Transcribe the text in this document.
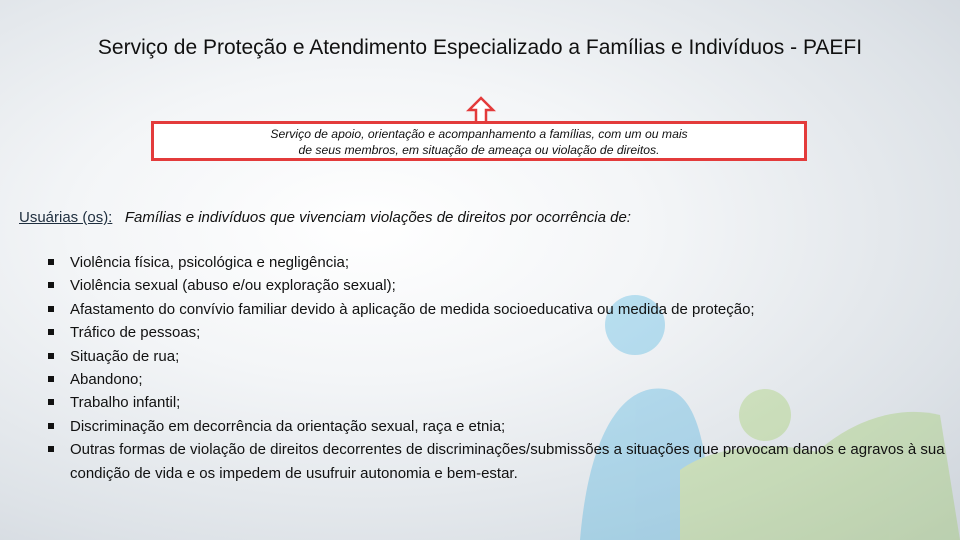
Serviço de Proteção e Atendimento Especializado a Famílias e Indivíduos - PAEFI
Serviço de apoio, orientação e acompanhamento a famílias, com um ou mais
de seus membros, em situação de ameaça ou violação de direitos.
Usuárias (os): Famílias e indivíduos que vivenciam violações de direitos por ocorrência de:
Violência física, psicológica e negligência;
Violência sexual (abuso e/ou exploração sexual);
Afastamento do convívio familiar devido à aplicação de medida socioeducativa ou medida de proteção;
Tráfico de pessoas;
Situação de rua;
Abandono;
Trabalho infantil;
Discriminação em decorrência da orientação sexual, raça e etnia;
Outras formas de violação de direitos decorrentes de discriminações/submissões a situações que provocam danos e agravos à sua condição de vida e os impedem de usufruir autonomia e bem-estar.
